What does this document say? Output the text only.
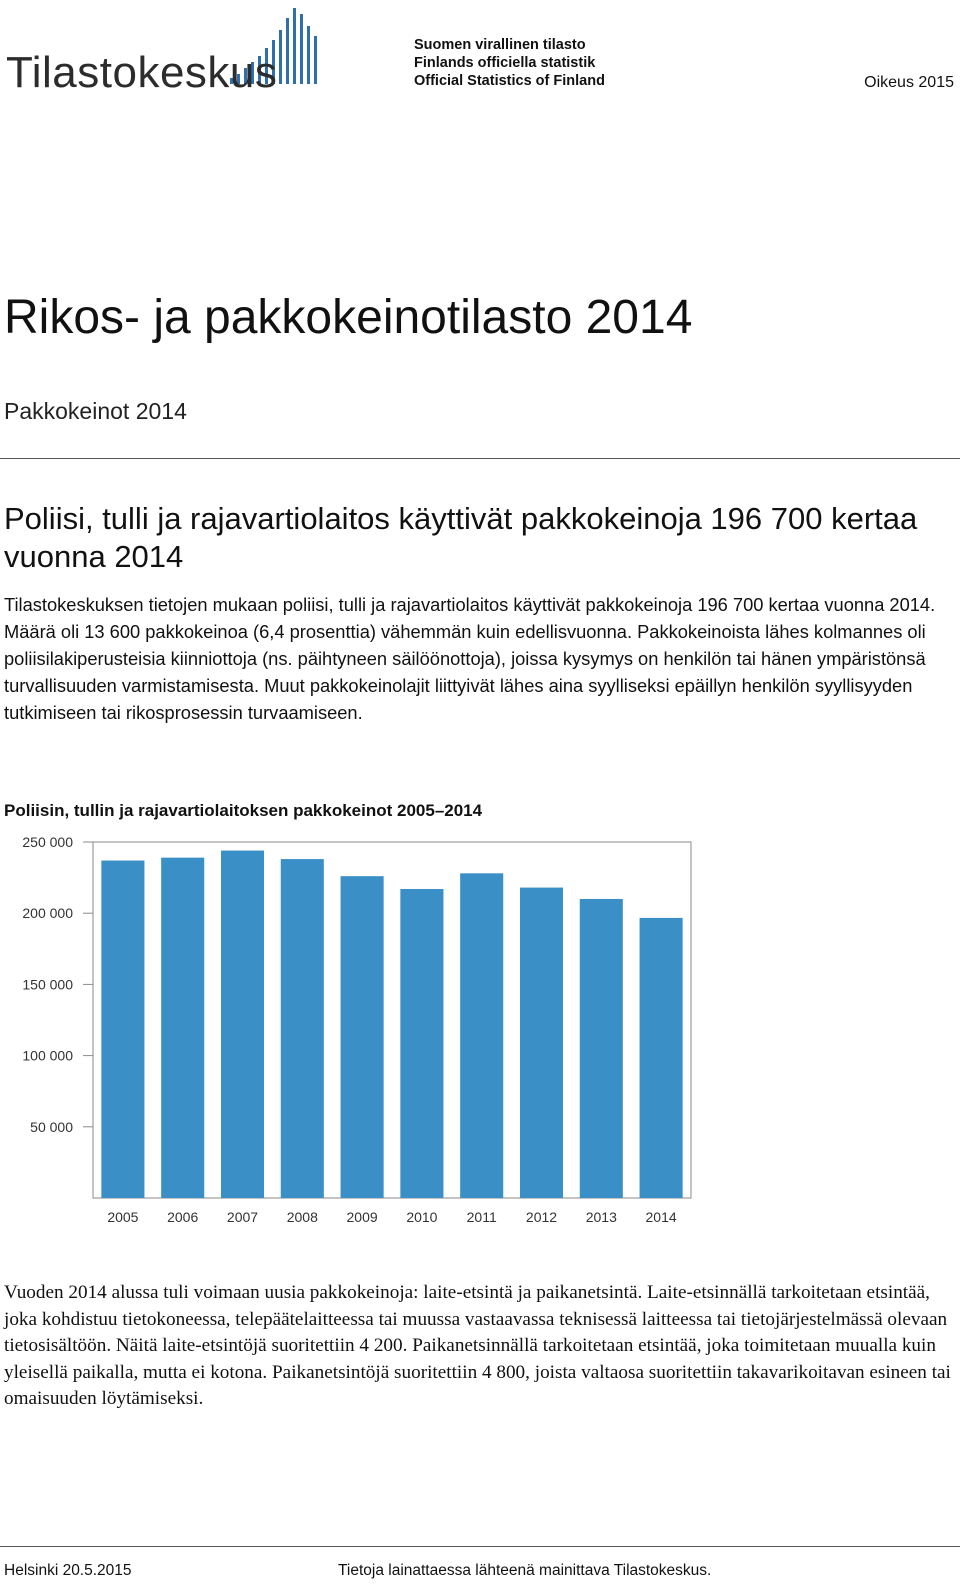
Tilastokeskus
Suomen virallinen tilasto
Finlands officiella statistik
Official Statistics of Finland	Oikeus 2015
Rikos- ja pakkokeinotilasto 2014
Pakkokeinot 2014
Poliisi, tulli ja rajavartiolaitos käyttivät pakkokeinoja 196 700 kertaa vuonna 2014
Tilastokeskuksen tietojen mukaan poliisi, tulli ja rajavartiolaitos käyttivät pakkokeinoja 196 700 kertaa vuonna 2014. Määrä oli 13 600 pakkokeinoa (6,4 prosenttia) vähemmän kuin edellisvuonna. Pakkokeinoista lähes kolmannes oli poliisilakiperusteisia kiinniottoja (ns. päihtyneen säilöönottoja), joissa kysymys on henkilön tai hänen ympäristönsä turvallisuuden varmistamisesta. Muut pakkokeinolajit liittyivät lähes aina syylliseksi epäillyn henkilön syyllisyyden tutkimiseen tai rikosprosessin turvaamiseen.
Poliisin, tullin ja rajavartiolaitoksen pakkokeinot 2005–2014
50 000
100 000
150 000
200 000
250 000
2005 2006 2007 2008 2009 2010 2011 2012 2013 2014
Vuoden 2014 alussa tuli voimaan uusia pakkokeinoja: laite-etsintä ja paikanetsintä. Laite-etsinnällä tarkoitetaan etsintää, joka kohdistuu tietokoneessa, telepäätelaitteessa tai muussa vastaavassa teknisessä laitteessa tai tietojärjestelmässä olevaan tietosisältöön. Näitä laite-etsintöjä suoritettiin 4 200. Paikanetsinnällä tarkoitetaan etsintää, joka toimitetaan muualla kuin yleisellä paikalla, mutta ei kotona. Paikanetsintöjä suoritettiin 4 800, joista valtaosa suoritettiin takavarikoitavan esineen tai omaisuuden löytämiseksi.
Helsinki 20.5.2015	Tietoja lainattaessa lähteenä mainittava Tilastokeskus.
